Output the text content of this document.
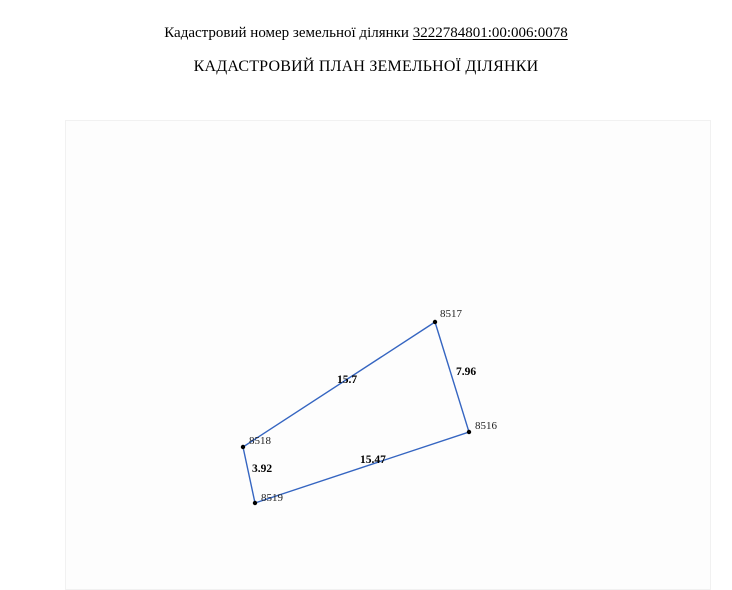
Кадастровий номер земельної ділянки 3222784801:00:006:0078
КАДАСТРОВИЙ ПЛАН ЗЕМЕЛЬНОЇ ДІЛЯНКИ
8517
8516
8519
8518
15.7
7.96
15.47
3.92
